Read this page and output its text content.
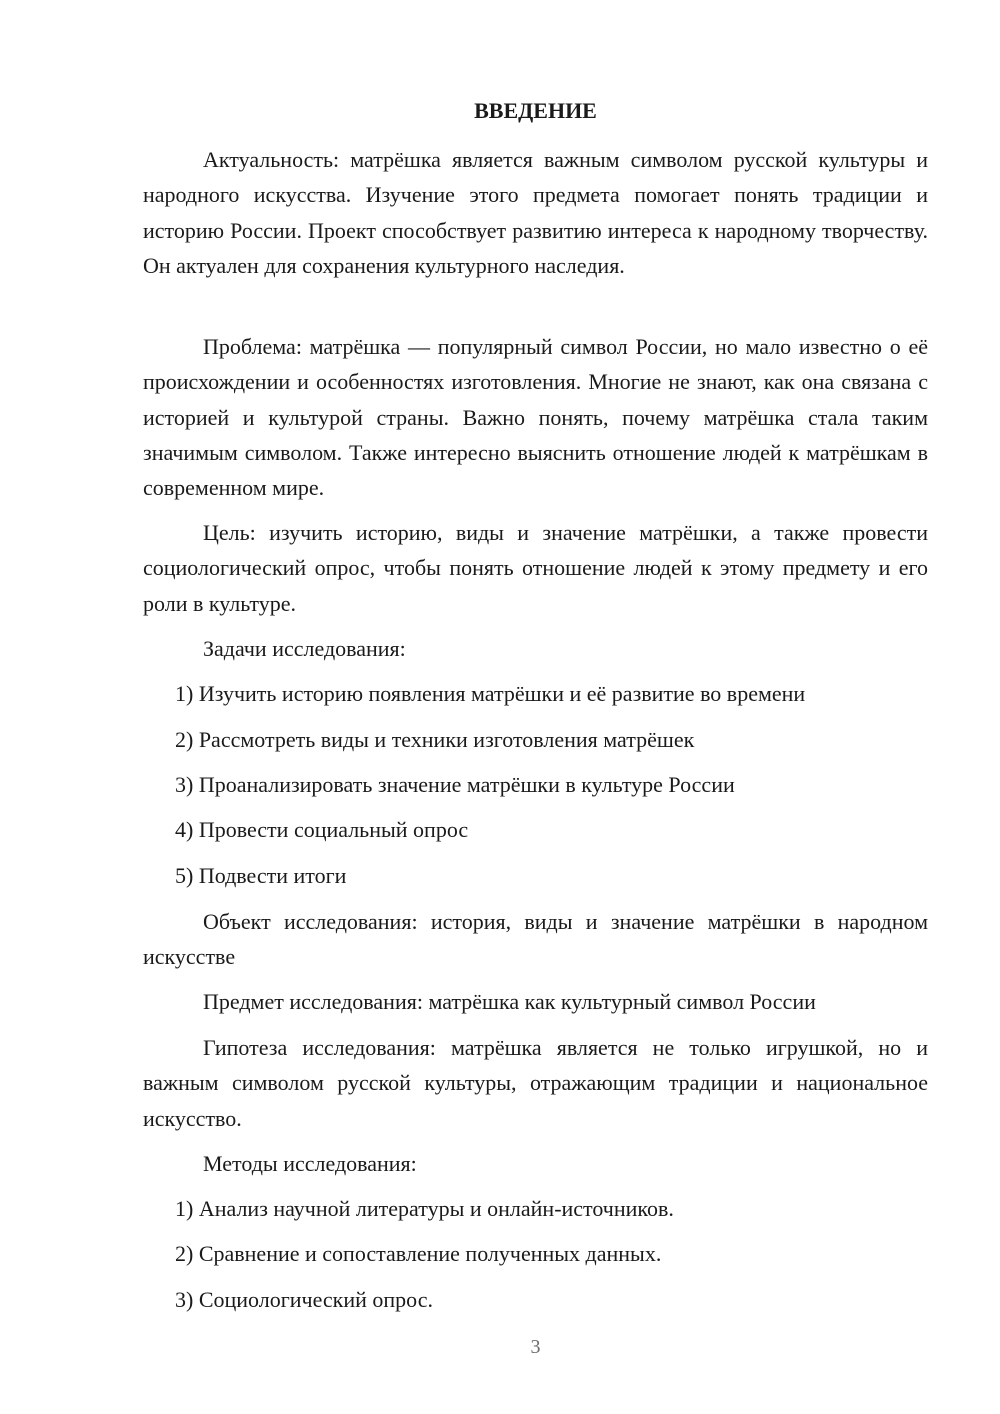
ВВЕДЕНИЕ

Актуальность: матрёшка является важным символом русской культуры и народного искусства. Изучение этого предмета помогает понять традиции и историю России. Проект способствует развитию интереса к народному творчеству. Он актуален для сохранения культурного наследия.

Проблема: матрёшка — популярный символ России, но мало известно о её происхождении и особенностях изготовления. Многие не знают, как она связана с историей и культурой страны. Важно понять, почему матрёшка стала таким значимым символом. Также интересно выяснить отношение людей к матрёшкам в современном мире.

Цель: изучить историю, виды и значение матрёшки, а также провести социологический опрос, чтобы понять отношение людей к этому предмету и его роли в культуре.

Задачи исследования:

1) Изучить историю появления матрёшки и её развитие во времени

2) Рассмотреть виды и техники изготовления матрёшек

3) Проанализировать значение матрёшки в культуре России

4) Провести социальный опрос

5) Подвести итоги

Объект исследования: история, виды и значение матрёшки в народном искусстве

Предмет исследования: матрёшка как культурный символ России

Гипотеза исследования: матрёшка является не только игрушкой, но и важным символом русской культуры, отражающим традиции и национальное искусство.

Методы исследования:

1) Анализ научной литературы и онлайн-источников.

2) Сравнение и сопоставление полученных данных.

3) Социологический опрос.

3
